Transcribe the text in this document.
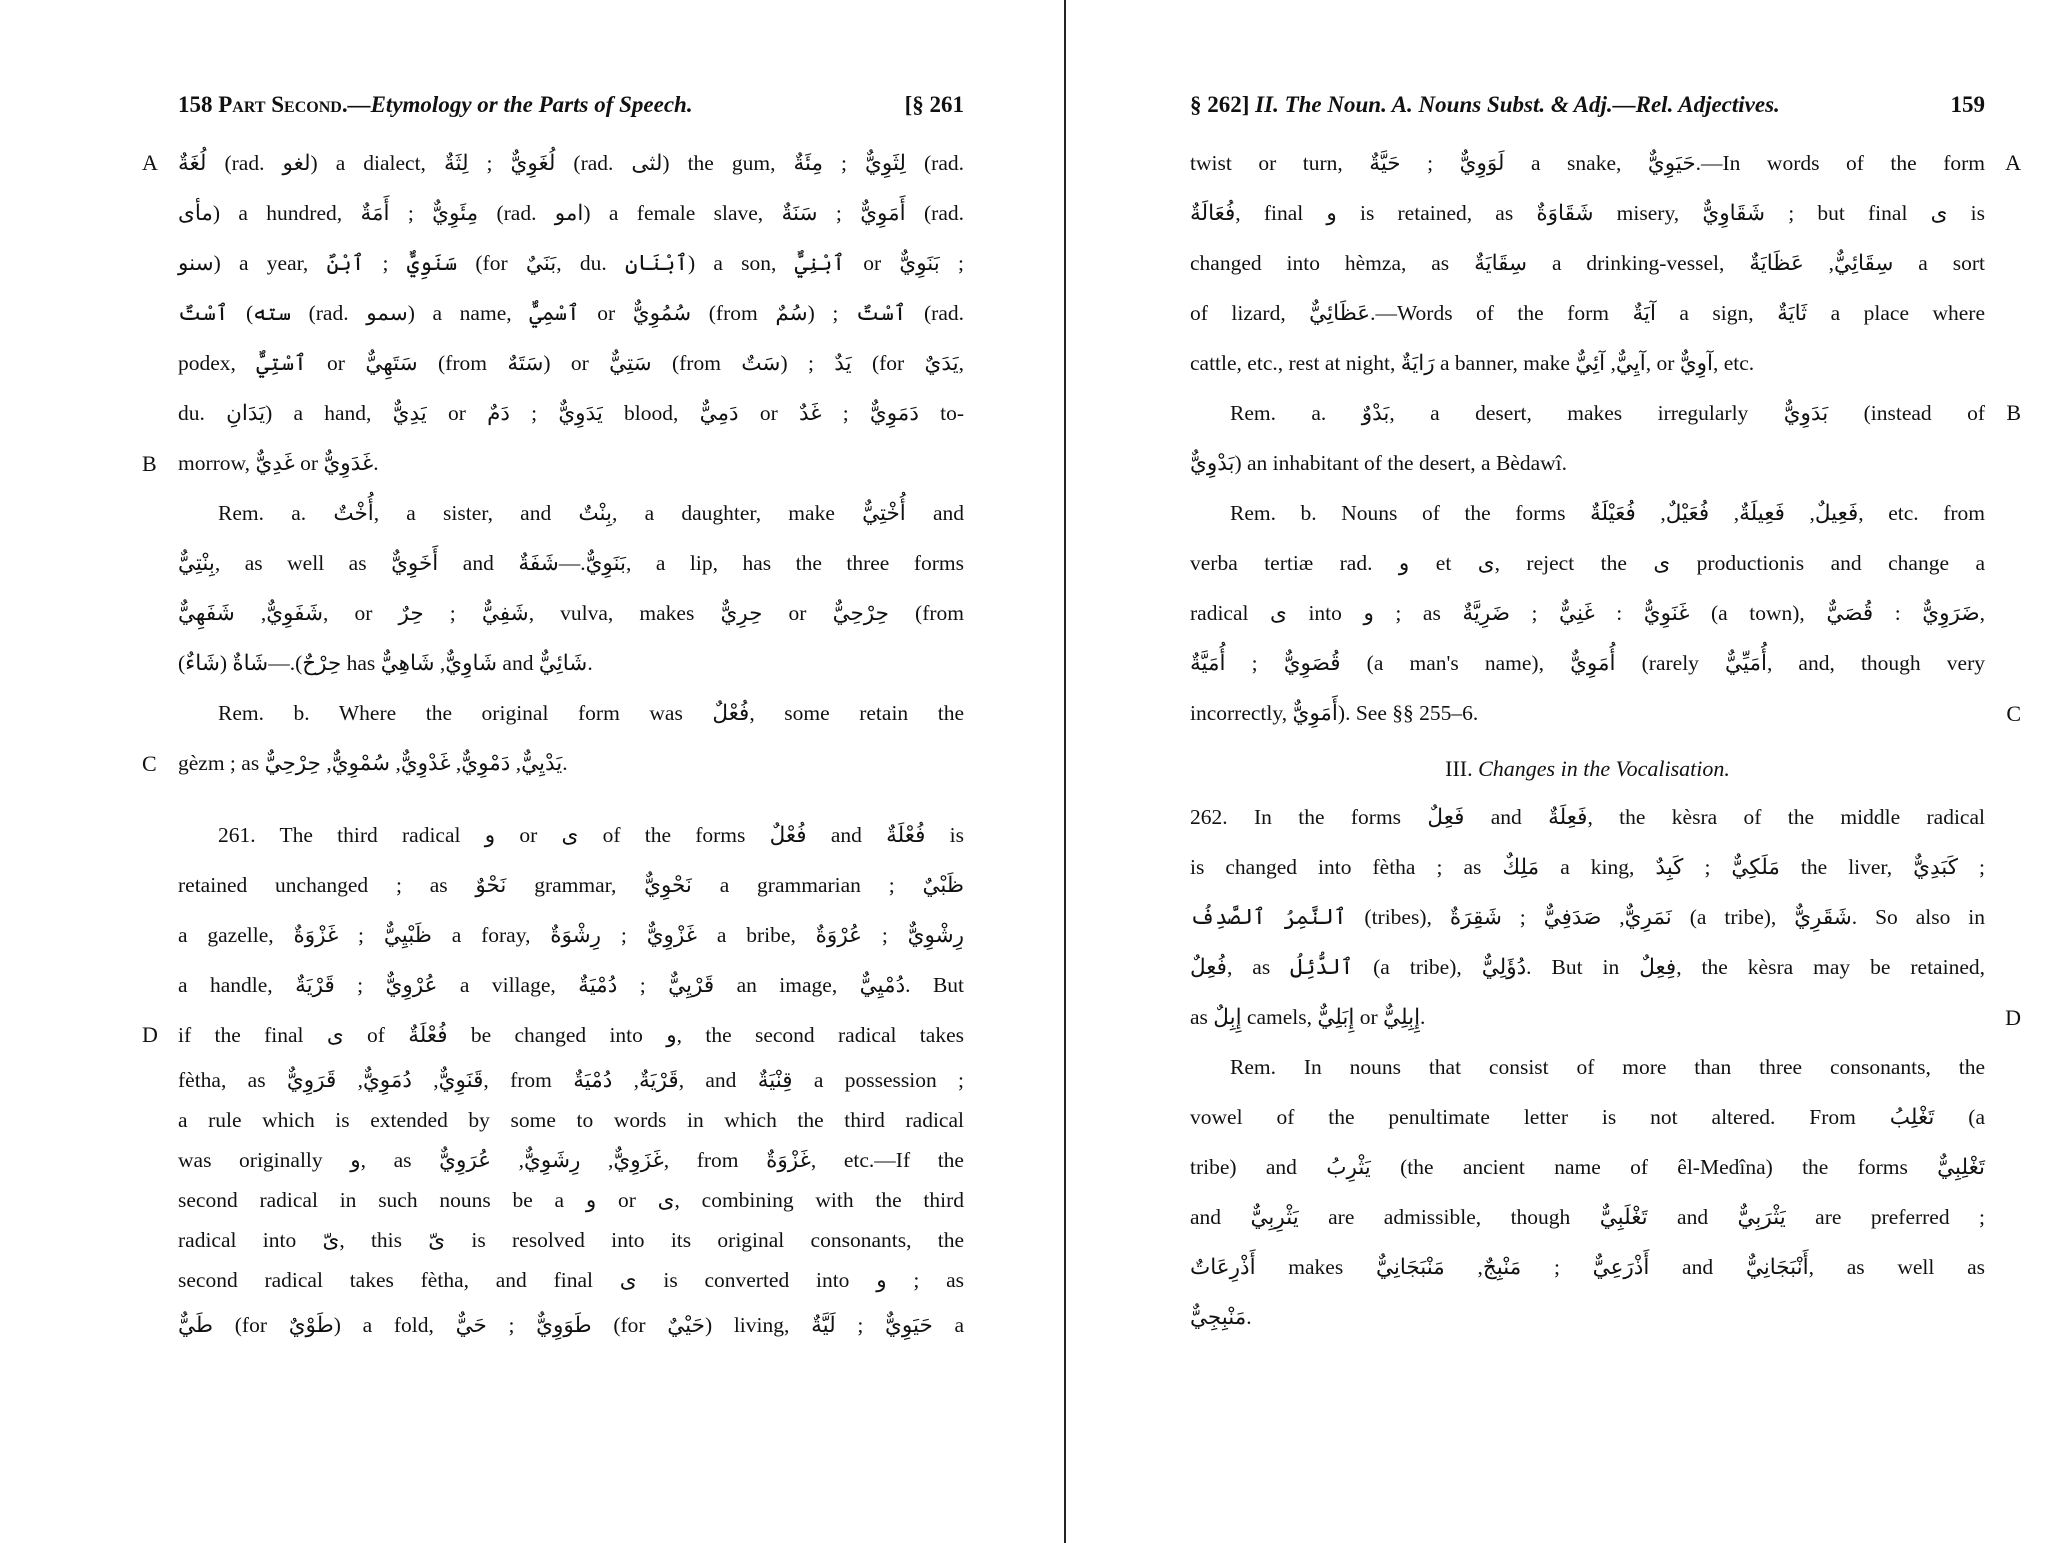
158 Part Second.—Etymology or the Parts of Speech.	[§ 261
A لُغَةٌ (rad. لغو) a dialect, لُغَوِيٌّ ; لِثَةٌ (rad. لثى) the gum, لِثَوِيٌّ ; مِئَةٌ (rad.
مأى) a hundred, مِئَوِيٌّ ; أَمَةٌ (rad. امو) a female slave, أَمَوِيٌّ ; سَنَةٌ (rad.
سنو) a year, سَنَوِيٌّ ; ٱبْنٌ (for بَنَيٌ, du. ٱبْنَانِ) a son, ٱبْنِيٌّ or بَنَوِيٌّ ;
سته) ٱسْتٌ (rad. سمو) a name, ٱسْمِيٌّ or سُمُوِيٌّ (from سُمٌ) ; ٱسْتٌ (rad.
podex, ٱسْتِيٌّ or سَتَهِيٌّ (from سَتَهٌ) or سَتِيٌّ (from سَتٌ) ; يَدٌ (for يَدَيٌ,
du. يَدَانِ) a hand, يَدِيٌّ or يَدَوِيٌّ ; دَمٌ blood, دَمِيٌّ or دَمَوِيٌّ ; غَدٌ to-
B morrow, غَدِيٌّ or غَدَوِيٌّ.
Rem. a. أُخْتٌ, a sister, and بِنْتٌ, a daughter, make أُخْتِيٌّ and
بِنْتِيٌّ, as well as أَخَوِيٌّ and بَنَوِيٌّ.—شَفَةٌ, a lip, has the three forms
شَفَوِيٌّ, شَفَهِيٌّ, or شَفِيٌّ ; حِرٌ, vulva, makes حِرِيٌّ or حِرْحِيٌّ (from
حِرْحٌ).—شَاةٌ (شَاءٌ) has شَاوِيٌّ, شَاهِيٌّ and شَائِيٌّ.
Rem. b. Where the original form was فُعْلٌ, some retain the
C gèzm ; as يَدْيِيٌّ, دَمْوِيٌّ, غَدْوِيٌّ, سُمْوِيٌّ, حِرْحِيٌّ.
261. The third radical و or ى of the forms فُعْلٌ and فُعْلَةٌ is
retained unchanged ; as نَحْوٌ grammar, نَحْوِيٌّ a grammarian ; ظَبْيٌ
a gazelle, ظَبْيِيٌّ ; غَزْوَةٌ a foray, غَزْوِيٌّ ; رِشْوَةٌ a bribe, رِشْوِيٌّ ; عُرْوَةٌ
a handle, عُرْوِيٌّ ; قَرْيَةٌ a village, قَرْيِيٌّ ; دُمْيَةٌ an image, دُمْيِيٌّ. But
D if the final ى of فُعْلَةٌ be changed into و, the second radical takes
fètha, as قَنَوِيٌّ, دُمَوِيٌّ, قَرَوِيٌّ, from قَرْيَةٌ, دُمْيَةٌ, and قِنْيَةٌ a possession ;
a rule which is extended by some to words in which the third radical
was originally و, as غَزَوِيٌّ, رِشَوِيٌّ, عُرَوِيٌّ, from غَزْوَةٌ, etc.—If the
second radical in such nouns be a و or ى, combining with the third
radical into ىّ, this ىّ is resolved into its original consonants, the
second radical takes fètha, and final ى is converted into و ; as
طَيٌّ (for طَوْيٌ) a fold, طَوَوِيٌّ ; حَيٌّ (for حَيْيٌ) living, حَيَوِيٌّ ; لَيَّةٌ a
§ 262] II. The Noun. A. Nouns Subst. & Adj.—Rel. Adjectives.	159
A
twist or turn, لَوَوِيٌّ ; حَيَّةٌ a snake, حَيَوِيٌّ.—In words of the form
فُعَالَةٌ, final و is retained, as شَقَاوَةٌ misery, شَقَاوِيٌّ ; but final ى is
changed into hèmza, as سِقَايَةٌ a drinking-vessel, سِقَائِيٌّ, عَظَايَةٌ a sort
of lizard, عَظَائِيٌّ.—Words of the form آيَةٌ a sign, ثَايَةٌ a place where
cattle, etc., rest at night, رَايَةٌ a banner, make آيِيٌّ, آئِيٌّ, or آوِيٌّ, etc.
B
Rem. a. بَدْوٌ, a desert, makes irregularly بَدَوِيٌّ (instead of
بَدْوِيٌّ) an inhabitant of the desert, a Bèdawî.
Rem. b. Nouns of the forms فَعِيلٌ, فَعِيلَةٌ, فُعَيْلٌ, فُعَيْلَةٌ, etc. from
verba tertiæ rad. و et ى, reject the ى productionis and change a
radical ى into و ; as غَنَوِيٌّ : غَنِيٌّ ; ضَرِيَّةٌ (a town), ضَرَوِيٌّ : قُصَيٌّ,
قُصَوِيٌّ ; أُمَيَّةٌ (a man's name), أُمَوِيٌّ (rarely أُمَيِّيٌّ, and, though very
C
incorrectly, أَمَوِيٌّ). See §§ 255–6.
III. Changes in the Vocalisation.
262. In the forms فَعِلٌ and فَعِلَةٌ, the kèsra of the middle radical
is changed into fètha ; as مَلِكٌ a king, مَلَكِيٌّ ; كَبِدٌ the liver, كَبَدِيٌّ ;
ٱلنَّمِرُ ٱلصَّدِفُ (tribes), نَمَرِيٌّ, صَدَفِيٌّ ; شَقِرَةٌ (a tribe), شَقَرِيٌّ. So also in
فُعِلٌ, as ٱلدُّئِلُ (a tribe), دُؤَلِيٌّ. But in فِعِلٌ, the kèsra may be retained,
D
as إِبِلٌ camels, إِبَلِيٌّ or إِبِلِيٌّ.
Rem. In nouns that consist of more than three consonants, the
vowel of the penultimate letter is not altered. From تَغْلِبُ (a
tribe) and يَثْرِبُ (the ancient name of êl-Medîna) the forms تَغْلِبِيٌّ
and يَثْرِبِيٌّ are admissible, though تَغْلَبِيٌّ and يَثْرَبِيٌّ are preferred ;
أَذْرِعَاتٌ makes أَذْرَعِيٌّ ; مَنْبِجٌ, مَنْبَجَانِيٌّ and أَنْبَجَانِيٌّ, as well as
مَنْبِجِيٌّ.
